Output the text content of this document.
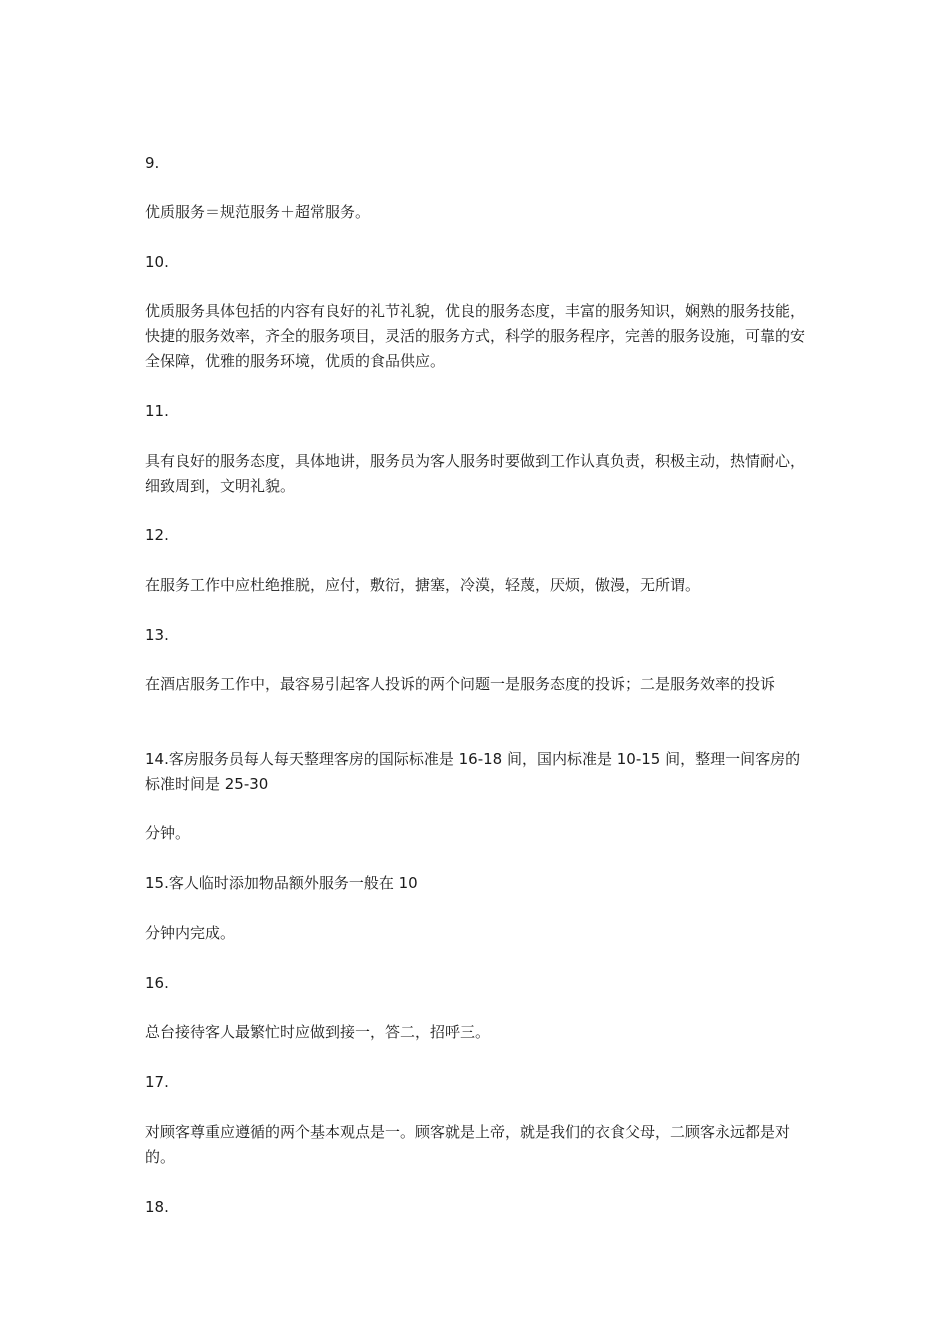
9.

优质服务＝规范服务＋超常服务。

10.

优质服务具体包括的内容有良好的礼节礼貌，优良的服务态度，丰富的服务知识，娴熟的服务技能，快捷的服务效率，齐全的服务项目，灵活的服务方式，科学的服务程序，完善的服务设施，可靠的安全保障，优雅的服务环境，优质的食品供应。

11.

具有良好的服务态度，具体地讲，服务员为客人服务时要做到工作认真负责，积极主动，热情耐心，细致周到，文明礼貌。

12.

在服务工作中应杜绝推脱，应付，敷衍，搪塞，冷漠，轻蔑，厌烦，傲漫，无所谓。

13.

在酒店服务工作中，最容易引起客人投诉的两个问题一是服务态度的投诉；二是服务效率的投诉

14.客房服务员每人每天整理客房的国际标准是 16-18 间，国内标准是 10-15 间，整理一间客房的标准时间是 25-30

分钟。

15.客人临时添加物品额外服务一般在 10

分钟内完成。

16.

总台接待客人最繁忙时应做到接一，答二，招呼三。

17.

对顾客尊重应遵循的两个基本观点是一。顾客就是上帝，就是我们的衣食父母，二顾客永远都是对的。

18.
